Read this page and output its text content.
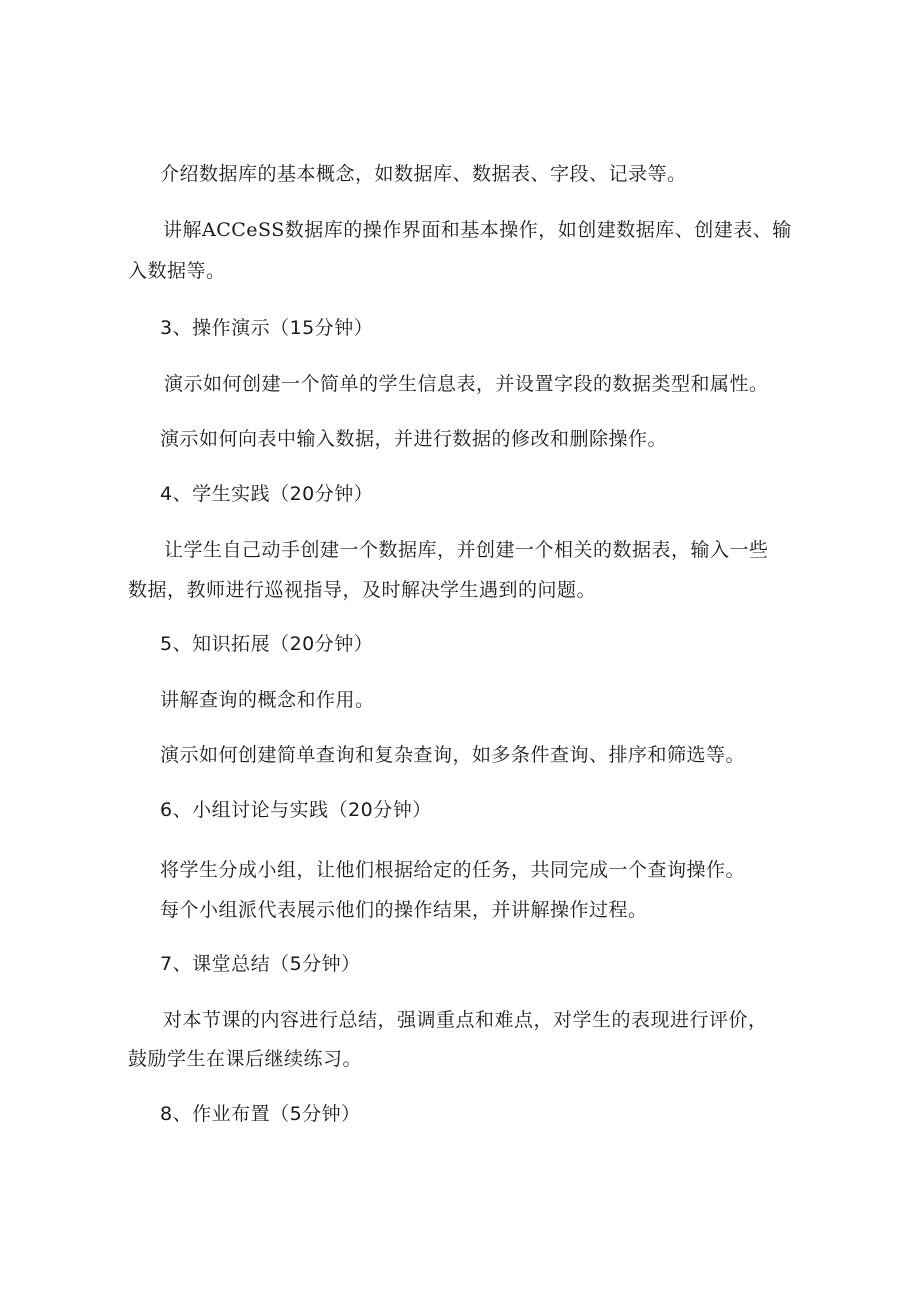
介绍数据库的基本概念，如数据库、数据表、字段、记录等。
讲解ACCeSS数据库的操作界面和基本操作，如创建数据库、创建表、输
入数据等。
3、操作演示（15分钟）
演示如何创建一个简单的学生信息表，并设置字段的数据类型和属性。
演示如何向表中输入数据，并进行数据的修改和删除操作。
4、学生实践（20分钟）
让学生自己动手创建一个数据库，并创建一个相关的数据表，输入一些
数据，教师进行巡视指导，及时解决学生遇到的问题。
5、知识拓展（20分钟）
讲解查询的概念和作用。
演示如何创建简单查询和复杂查询，如多条件查询、排序和筛选等。
6、小组讨论与实践（20分钟）
将学生分成小组，让他们根据给定的任务，共同完成一个查询操作。
每个小组派代表展示他们的操作结果，并讲解操作过程。
7、课堂总结（5分钟）
对本节课的内容进行总结，强调重点和难点，对学生的表现进行评价，
鼓励学生在课后继续练习。
8、作业布置（5分钟）
